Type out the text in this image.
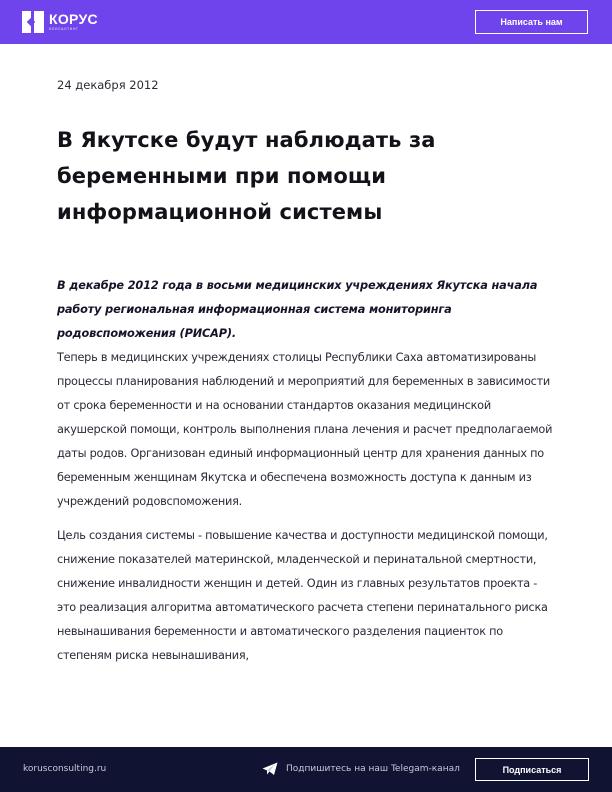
КОРУС
КОНСАЛТИНГ
Написать нам
24 декабря 2012
В Якутске будут наблюдать за беременными при помощи информационной системы

В декабре 2012 года в восьми медицинских учреждениях Якутска начала работу региональная информационная система мониторинга родовспоможения (РИСАР).

Теперь в медицинских учреждениях столицы Республики Саха автоматизированы процессы планирования наблюдений и мероприятий для беременных в зависимости от срока беременности и на основании стандартов оказания медицинской акушерской помощи, контроль выполнения плана лечения и расчет предполагаемой даты родов. Организован единый информационный центр для хранения данных по беременным женщинам Якутска и обеспечена возможность доступа к данным из учреждений родовспоможения.

Цель создания системы - повышение качества и доступности медицинской помощи, снижение показателей материнской, младенческой и перинатальной смертности, снижение инвалидности женщин и детей. Один из главных результатов проекта - это реализация алгоритма автоматического расчета степени перинатального риска невынашивания беременности и автоматического разделения пациенток по степеням риска невынашивания,

korusconsulting.ru	Подпишитесь на наш Telegam-канал	Подписаться
